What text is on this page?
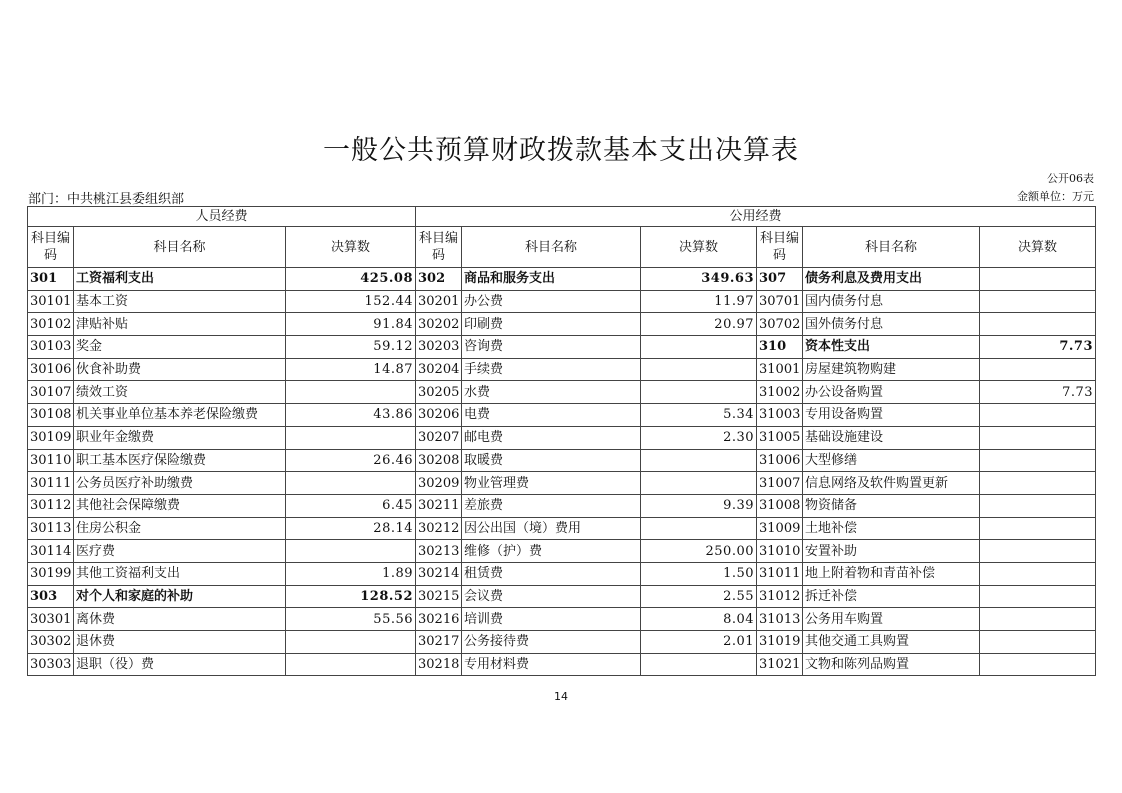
一般公共预算财政拨款基本支出决算表
公开06表
部门：中共桃江县委组织部	金额单位：万元
人员经费			公用经费					
科目编码	科目名称	决算数	科目编码	科目名称	决算数	科目编码	科目名称	决算数
301	工资福利支出	425.08	302	商品和服务支出	349.63	307	债务利息及费用支出	
30101	基本工资	152.44	30201	办公费	11.97	30701	国内债务付息	
30102	津贴补贴	91.84	30202	印刷费	20.97	30702	国外债务付息	
30103	奖金	59.12	30203	咨询费		310	资本性支出	7.73
30106	伙食补助费	14.87	30204	手续费		31001	房屋建筑物购建	
30107	绩效工资		30205	水费		31002	办公设备购置	7.73
30108	机关事业单位基本养老保险缴费	43.86	30206	电费	5.34	31003	专用设备购置	
30109	职业年金缴费		30207	邮电费	2.30	31005	基础设施建设	
30110	职工基本医疗保险缴费	26.46	30208	取暖费		31006	大型修缮	
30111	公务员医疗补助缴费		30209	物业管理费		31007	信息网络及软件购置更新	
30112	其他社会保障缴费	6.45	30211	差旅费	9.39	31008	物资储备	
30113	住房公积金	28.14	30212	因公出国（境）费用		31009	土地补偿	
30114	医疗费		30213	维修（护）费	250.00	31010	安置补助	
30199	其他工资福利支出	1.89	30214	租赁费	1.50	31011	地上附着物和青苗补偿	
303	对个人和家庭的补助	128.52	30215	会议费	2.55	31012	拆迁补偿	
30301	离休费	55.56	30216	培训费	8.04	31013	公务用车购置	
30302	退休费		30217	公务接待费	2.01	31019	其他交通工具购置	
30303	退职（役）费		30218	专用材料费		31021	文物和陈列品购置	
14
